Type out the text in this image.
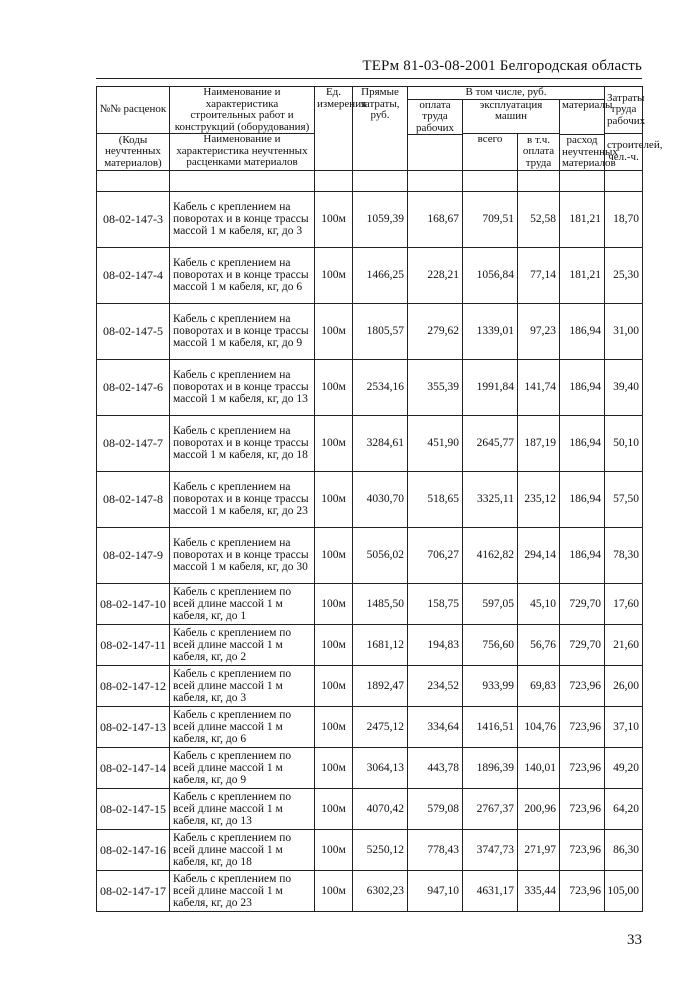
ТЕРм 81-03-08-2001 Белгородская область
№№ расценок	Наименование и характеристика строительных работ и конструкций (оборудования)	Ед. измерения	Прямые затраты, руб.	В том числе, руб.				Затраты труда рабочих
				оплата труда рабочих	эксплуатация машин		материалы	
(Коды неучтенных материалов)	Наименование и характеристика неучтенных расценками материалов				всего	в т.ч. оплата труда		строителей, чел.-ч.
							расход неучтенных материалов	

08-02-147-3	Кабель с креплением на поворотах и в конце трассы массой 1 м кабеля, кг, до 3	100м	1059,39	168,67	709,51	52,58	181,21	18,70
08-02-147-4	Кабель с креплением на поворотах и в конце трассы массой 1 м кабеля, кг, до 6	100м	1466,25	228,21	1056,84	77,14	181,21	25,30
08-02-147-5	Кабель с креплением на поворотах и в конце трассы массой 1 м кабеля, кг, до 9	100м	1805,57	279,62	1339,01	97,23	186,94	31,00
08-02-147-6	Кабель с креплением на поворотах и в конце трассы массой 1 м кабеля, кг, до 13	100м	2534,16	355,39	1991,84	141,74	186,94	39,40
08-02-147-7	Кабель с креплением на поворотах и в конце трассы массой 1 м кабеля, кг, до 18	100м	3284,61	451,90	2645,77	187,19	186,94	50,10
08-02-147-8	Кабель с креплением на поворотах и в конце трассы массой 1 м кабеля, кг, до 23	100м	4030,70	518,65	3325,11	235,12	186,94	57,50
08-02-147-9	Кабель с креплением на поворотах и в конце трассы массой 1 м кабеля, кг, до 30	100м	5056,02	706,27	4162,82	294,14	186,94	78,30
08-02-147-10	Кабель с креплением по всей длине массой 1 м кабеля, кг, до 1	100м	1485,50	158,75	597,05	45,10	729,70	17,60
08-02-147-11	Кабель с креплением по всей длине массой 1 м кабеля, кг, до 2	100м	1681,12	194,83	756,60	56,76	729,70	21,60
08-02-147-12	Кабель с креплением по всей длине массой 1 м кабеля, кг, до 3	100м	1892,47	234,52	933,99	69,83	723,96	26,00
08-02-147-13	Кабель с креплением по всей длине массой 1 м кабеля, кг, до 6	100м	2475,12	334,64	1416,51	104,76	723,96	37,10
08-02-147-14	Кабель с креплением по всей длине массой 1 м кабеля, кг, до 9	100м	3064,13	443,78	1896,39	140,01	723,96	49,20
08-02-147-15	Кабель с креплением по всей длине массой 1 м кабеля, кг, до 13	100м	4070,42	579,08	2767,37	200,96	723,96	64,20
08-02-147-16	Кабель с креплением по всей длине массой 1 м кабеля, кг, до 18	100м	5250,12	778,43	3747,73	271,97	723,96	86,30
08-02-147-17	Кабель с креплением по всей длине массой 1 м кабеля, кг, до 23	100м	6302,23	947,10	4631,17	335,44	723,96	105,00
33
